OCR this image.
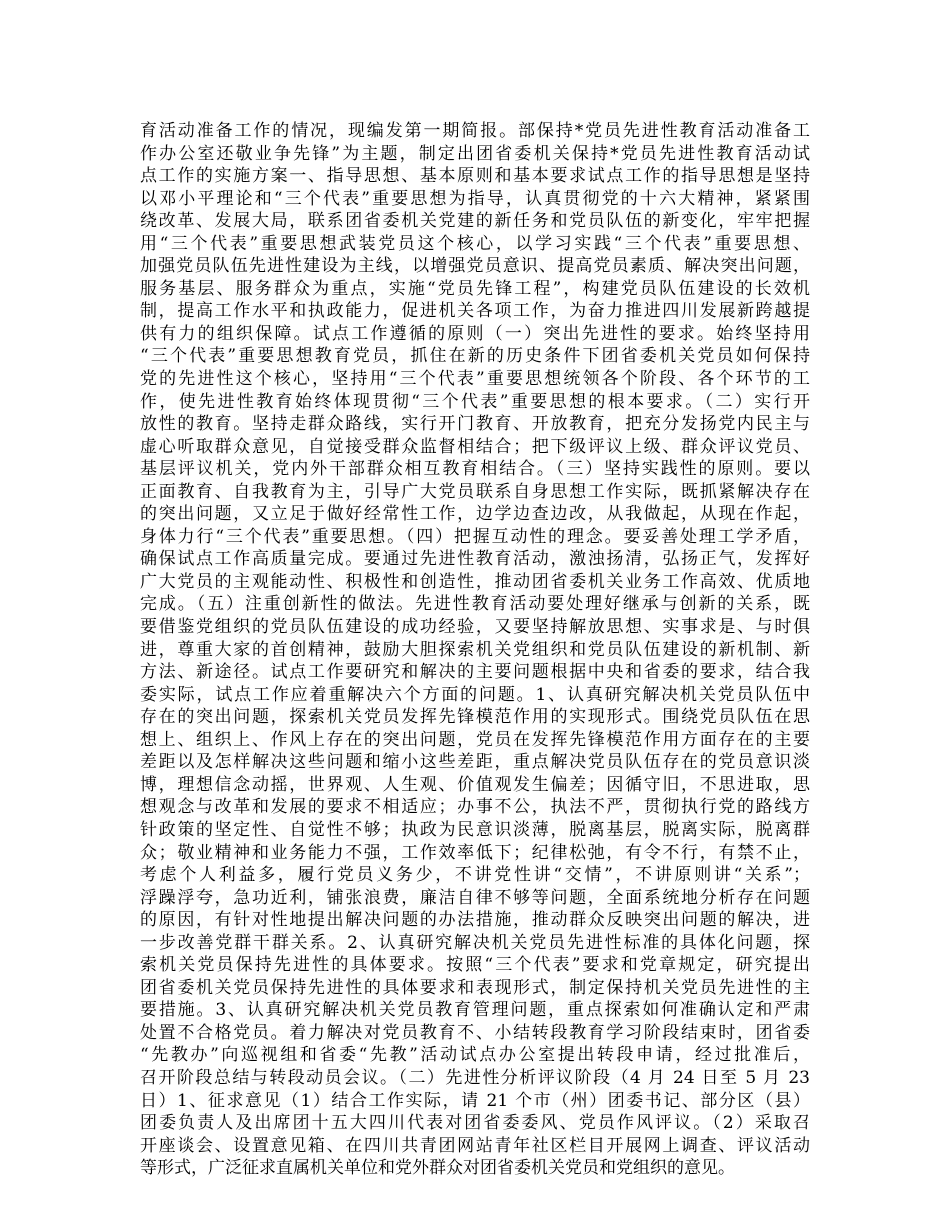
育活动准备工作的情况，现编发第一期简报。部保持*党员先进性教育活动准备工
作办公室还敬业争先锋”为主题，制定出团省委机关保持*党员先进性教育活动试
点工作的实施方案一、指导思想、基本原则和基本要求试点工作的指导思想是坚持
以邓小平理论和“三个代表”重要思想为指导，认真贯彻党的十六大精神，紧紧围
绕改革、发展大局，联系团省委机关党建的新任务和党员队伍的新变化，牢牢把握
用“三个代表”重要思想武装党员这个核心，以学习实践“三个代表”重要思想、
加强党员队伍先进性建设为主线，以增强党员意识、提高党员素质、解决突出问题，
服务基层、服务群众为重点，实施“党员先锋工程”，构建党员队伍建设的长效机
制，提高工作水平和执政能力，促进机关各项工作，为奋力推进四川发展新跨越提
供有力的组织保障。试点工作遵循的原则（一）突出先进性的要求。始终坚持用
“三个代表”重要思想教育党员，抓住在新的历史条件下团省委机关党员如何保持
党的先进性这个核心，坚持用“三个代表”重要思想统领各个阶段、各个环节的工
作，使先进性教育始终体现贯彻“三个代表”重要思想的根本要求。（二）实行开
放性的教育。坚持走群众路线，实行开门教育、开放教育，把充分发扬党内民主与
虚心听取群众意见，自觉接受群众监督相结合；把下级评议上级、群众评议党员、
基层评议机关，党内外干部群众相互教育相结合。（三）坚持实践性的原则。要以
正面教育、自我教育为主，引导广大党员联系自身思想工作实际，既抓紧解决存在
的突出问题，又立足于做好经常性工作，边学边查边改，从我做起，从现在作起，
身体力行“三个代表”重要思想。（四）把握互动性的理念。要妥善处理工学矛盾，
确保试点工作高质量完成。要通过先进性教育活动，激浊扬清，弘扬正气，发挥好
广大党员的主观能动性、积极性和创造性，推动团省委机关业务工作高效、优质地
完成。（五）注重创新性的做法。先进性教育活动要处理好继承与创新的关系，既
要借鉴党组织的党员队伍建设的成功经验，又要坚持解放思想、实事求是、与时俱
进，尊重大家的首创精神，鼓励大胆探索机关党组织和党员队伍建设的新机制、新
方法、新途径。试点工作要研究和解决的主要问题根据中央和省委的要求，结合我
委实际，试点工作应着重解决六个方面的问题。1、认真研究解决机关党员队伍中
存在的突出问题，探索机关党员发挥先锋模范作用的实现形式。围绕党员队伍在思
想上、组织上、作风上存在的突出问题，党员在发挥先锋模范作用方面存在的主要
差距以及怎样解决这些问题和缩小这些差距，重点解决党员队伍存在的党员意识淡
博，理想信念动摇，世界观、人生观、价值观发生偏差；因循守旧，不思进取，思
想观念与改革和发展的要求不相适应；办事不公，执法不严，贯彻执行党的路线方
针政策的坚定性、自觉性不够；执政为民意识淡薄，脱离基层，脱离实际，脱离群
众；敬业精神和业务能力不强，工作效率低下；纪律松弛，有令不行，有禁不止，
考虑个人利益多，履行党员义务少，不讲党性讲“交情”，不讲原则讲“关系”；
浮躁浮夸，急功近利，铺张浪费，廉洁自律不够等问题，全面系统地分析存在问题
的原因，有针对性地提出解决问题的办法措施，推动群众反映突出问题的解决，进
一步改善党群干群关系。2、认真研究解决机关党员先进性标准的具体化问题，探
索机关党员保持先进性的具体要求。按照“三个代表”要求和党章规定，研究提出
团省委机关党员保持先进性的具体要求和表现形式，制定保持机关党员先进性的主
要措施。3、认真研究解决机关党员教育管理问题，重点探索如何准确认定和严肃
处置不合格党员。着力解决对党员教育不、小结转段教育学习阶段结束时，团省委
“先教办”向巡视组和省委“先教”活动试点办公室提出转段申请，经过批准后，
召开阶段总结与转段动员会议。（二）先进性分析评议阶段（4 月 24 日至 5 月 23
日）1、征求意见（1）结合工作实际，请 21 个市（州）团委书记、部分区（县）
团委负责人及出席团十五大四川代表对团省委委风、党员作风评议。（2）采取召
开座谈会、设置意见箱、在四川共青团网站青年社区栏目开展网上调查、评议活动
等形式，广泛征求直属机关单位和党外群众对团省委机关党员和党组织的意见。
